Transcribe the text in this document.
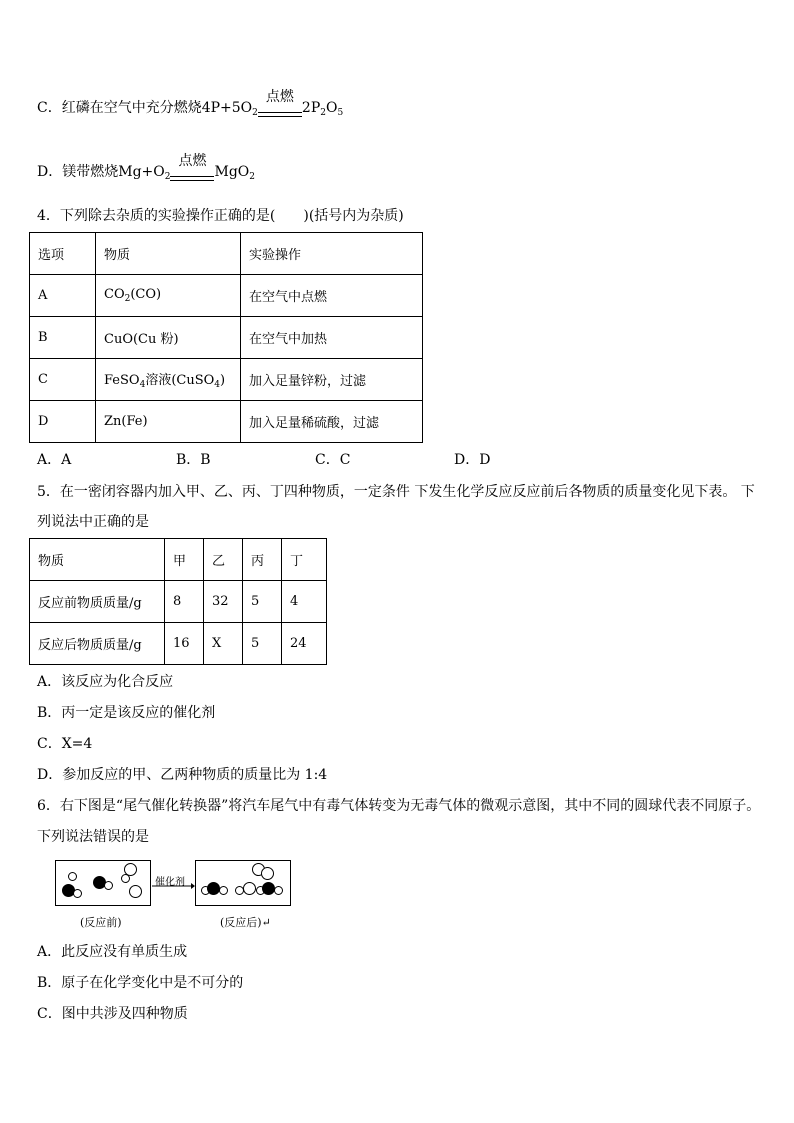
C．红磷在空气中充分燃烧$4P+5O_2$
点燃
$2P_2O_5$
D．镁带燃烧$Mg+O_2$
点燃
MgO$_2$
4．下列除去杂质的实验操作正确的是(　　)(括号内为杂质)
选项	物质	实验操作
A	$CO_2(CO)$	在空气中点燃
B	CuO(Cu 粉)	在空气中加热
C	FeSO$_4$溶液(CuSO$_4$)	加入足量锌粉，过滤
D	Zn(Fe)	加入足量稀硫酸，过滤
A．A	B．B	C．C	D．D
5．在一密闭容器内加入甲、乙、丙、丁四种物质，一定条件 下发生化学反应反应前后各物质的质量变化见下表。 下
列说法中正确的是
物质	甲	乙	丙	丁
反应前物质质量/g	8	32	5	4
反应后物质质量/g	16	X	5	24
A．该反应为化合反应
B．丙一定是该反应的催化剂
C．X=4
D．参加反应的甲、乙两种物质的质量比为 1:4
6．右下图是“尾气催化转换器”将汽车尾气中有毒气体转变为无毒气体的微观示意图，其中不同的圆球代表不同原子。
下列说法错误的是
催化剂
(反应前)	(反应后)↵
A．此反应没有单质生成
B．原子在化学变化中是不可分的
C．图中共涉及四种物质
